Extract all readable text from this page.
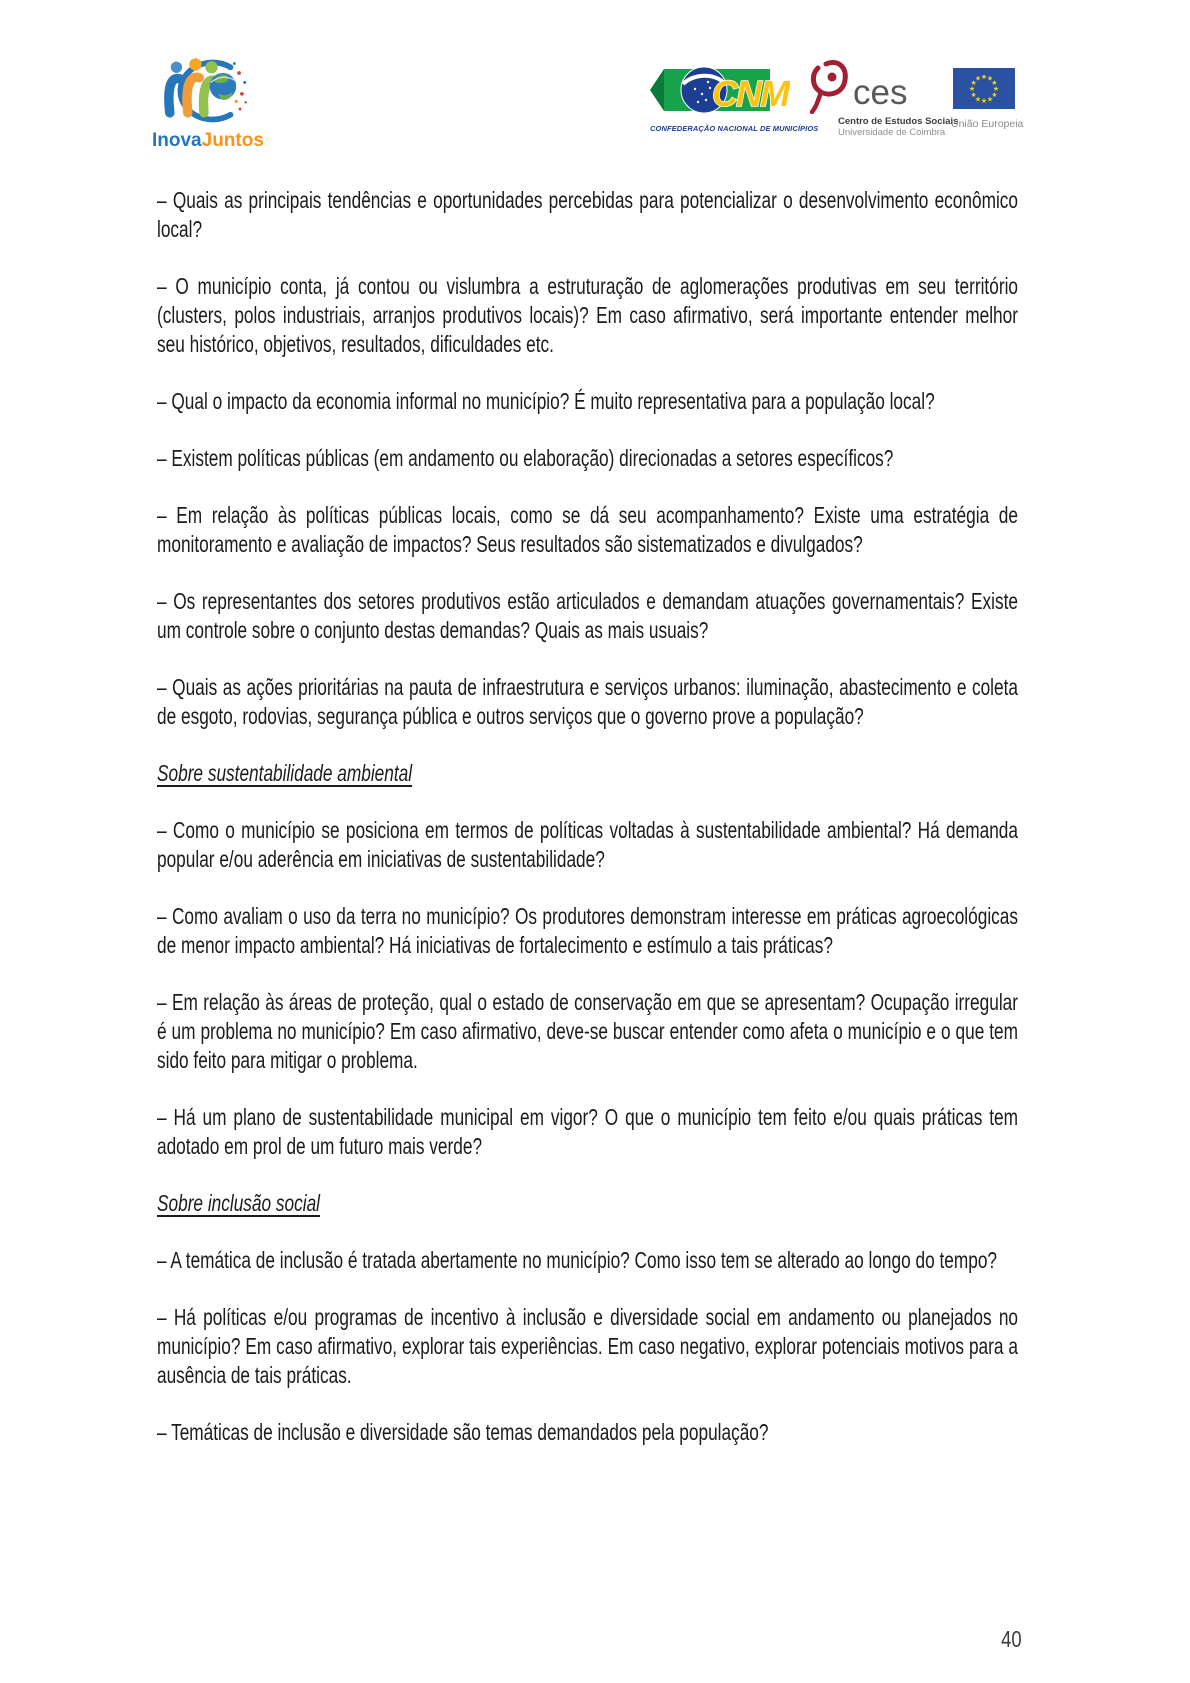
InovaJuntos
CNM
CONFEDERAÇÃO NACIONAL DE MUNICÍPIOS
ces
Centro de Estudos Sociais
Universidade de Coimbra
★ ★
★
★
★
★
★
★
★
★
★
★
União Europeia

– Quais as principais tendências e oportunidades percebidas para potencializar o desenvolvimento econômico local?

– O município conta, já contou ou vislumbra a estruturação de aglomerações produtivas em seu território (clusters, polos industriais, arranjos produtivos locais)? Em caso afirmativo, será importante entender melhor seu histórico, objetivos, resultados, dificuldades etc.

– Qual o impacto da economia informal no município? É muito representativa para a população local?

– Existem políticas públicas (em andamento ou elaboração) direcionadas a setores específicos?

– Em relação às políticas públicas locais, como se dá seu acompanhamento? Existe uma estratégia de monitoramento e avaliação de impactos? Seus resultados são sistematizados e divulgados?

– Os representantes dos setores produtivos estão articulados e demandam atuações governamentais? Existe um controle sobre o conjunto destas demandas? Quais as mais usuais?

– Quais as ações prioritárias na pauta de infraestrutura e serviços urbanos: iluminação, abastecimento e coleta de esgoto, rodovias, segurança pública e outros serviços que o governo prove a população?

Sobre sustentabilidade ambiental

– Como o município se posiciona em termos de políticas voltadas à sustentabilidade ambiental? Há demanda popular e/ou aderência em iniciativas de sustentabilidade?

– Como avaliam o uso da terra no município? Os produtores demonstram interesse em práticas agroecológicas de menor impacto ambiental? Há iniciativas de fortalecimento e estímulo a tais práticas?

– Em relação às áreas de proteção, qual o estado de conservação em que se apresentam? Ocupação irregular é um problema no município? Em caso afirmativo, deve-se buscar entender como afeta o município e o que tem sido feito para mitigar o problema.

– Há um plano de sustentabilidade municipal em vigor? O que o município tem feito e/ou quais práticas tem adotado em prol de um futuro mais verde?

Sobre inclusão social

– A temática de inclusão é tratada abertamente no município? Como isso tem se alterado ao longo do tempo?

– Há políticas e/ou programas de incentivo à inclusão e diversidade social em andamento ou planejados no município? Em caso afirmativo, explorar tais experiências. Em caso negativo, explorar potenciais motivos para a ausência de tais práticas.

– Temáticas de inclusão e diversidade são temas demandados pela população?

40
